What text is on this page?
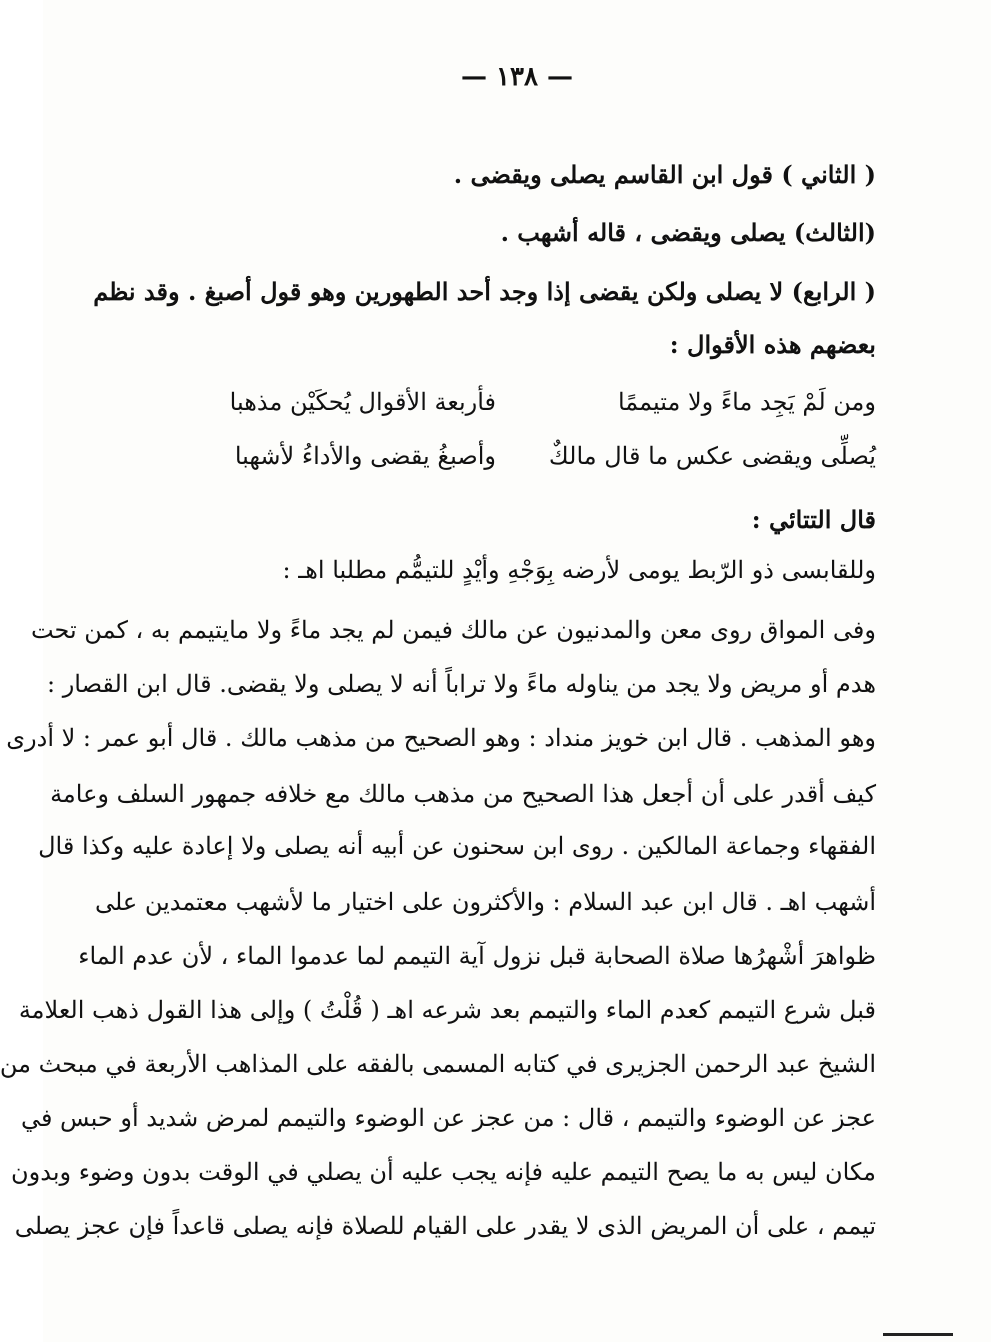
— ١٣٨ —
( الثاني ) قول ابن القاسم يصلى ويقضى .
(الثالث) يصلى ويقضى ، قاله أشهب .
( الرابع) لا يصلى ولكن يقضى إذا وجد أحد الطهورين وهو قول أصبغ . وقد نظم
بعضهم هذه الأقوال :
ومن لَمْ يَجِد ماءً ولا متيممًا
فأربعة الأقوال يُحكَيْن مذهبا
يُصلِّى ويقضى عكس ما قال مالكٌ
وأصبغُ يقضى والأداءُ لأشهبا
قال التتائي :
وللقابسى ذو الرّبط يومى لأرضه بِوَجْهِ وأيْدٍ للتيمُّم مطلبا اهـ :
وفى المواق روى معن والمدنيون عن مالك فيمن لم يجد ماءً ولا مايتيمم به ، كمن تحت
هدم أو مريض ولا يجد من يناوله ماءً ولا تراباً أنه لا يصلى ولا يقضى. قال ابن القصار :
وهو المذهب . قال ابن خويز منداد : وهو الصحيح من مذهب مالك . قال أبو عمر : لا أدرى
كيف أقدر على أن أجعل هذا الصحيح من مذهب مالك مع خلافه جمهور السلف وعامة
الفقهاء وجماعة المالكين . روى ابن سحنون عن أبيه أنه يصلى ولا إعادة عليه وكذا قال
أشهب اهـ . قال ابن عبد السلام : والأكثرون على اختيار ما لأشهب معتمدين على
ظواهرَ أشْهرُها صلاة الصحابة قبل نزول آية التيمم لما عدموا الماء ، لأن عدم الماء
قبل شرع التيمم كعدم الماء والتيمم بعد شرعه اهـ ( قُلْتُ ) وإلى هذا القول ذهب العلامة
الشيخ عبد الرحمن الجزيرى في كتابه المسمى بالفقه على المذاهب الأربعة في مبحث من
عجز عن الوضوء والتيمم ، قال : من عجز عن الوضوء والتيمم لمرض شديد أو حبس في
مكان ليس به ما يصح التيمم عليه فإنه يجب عليه أن يصلي في الوقت بدون وضوء وبدون
تيمم ، على أن المريض الذى لا يقدر على القيام للصلاة فإنه يصلى قاعداً فإن عجز يصلى
